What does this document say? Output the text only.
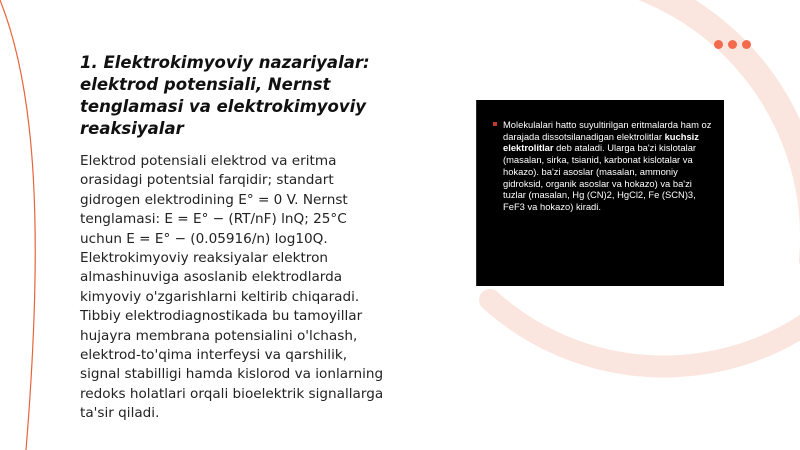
1. Elektrokimyoviy nazariyalar: elektrod potensiali, Nernst tenglamasi va elektrokimyoviy reaksiyalar

Elektrod potensiali elektrod va eritma orasidagi potentsial farqidir; standart gidrogen elektrodining E° = 0 V. Nernst tenglamasi: E = E° − (RT/nF) lnQ; 25°C uchun E = E° − (0.05916/n) log10Q. Elektrokimyoviy reaksiyalar elektron almashinuviga asoslanib elektrodlarda kimyoviy o'zgarishlarni keltirib chiqaradi. Tibbiy elektrodiagnostikada bu tamoyillar hujayra membrana potensialini o'lchash, elektrod-to'qima interfeysi va qarshilik, signal stabilligi hamda kislorod va ionlarning redoks holatlari orqali bioelektrik signallarga ta'sir qiladi.

Molekulalari hatto suyultirilgan eritmalarda ham oz darajada dissotsilanadigan elektrolitlar kuchsiz elektrolitlar deb ataladi. Ularga ba'zi kislotalar (masalan, sirka, tsianid, karbonat kislotalar va hokazo). ba'zi asoslar (masalan, ammoniy gidroksid, organik asoslar va hokazo) va ba'zi tuzlar (masalan, Hg (CN)2, HgCl2, Fe (SCN)3, FeF3 va hokazo) kiradi.
